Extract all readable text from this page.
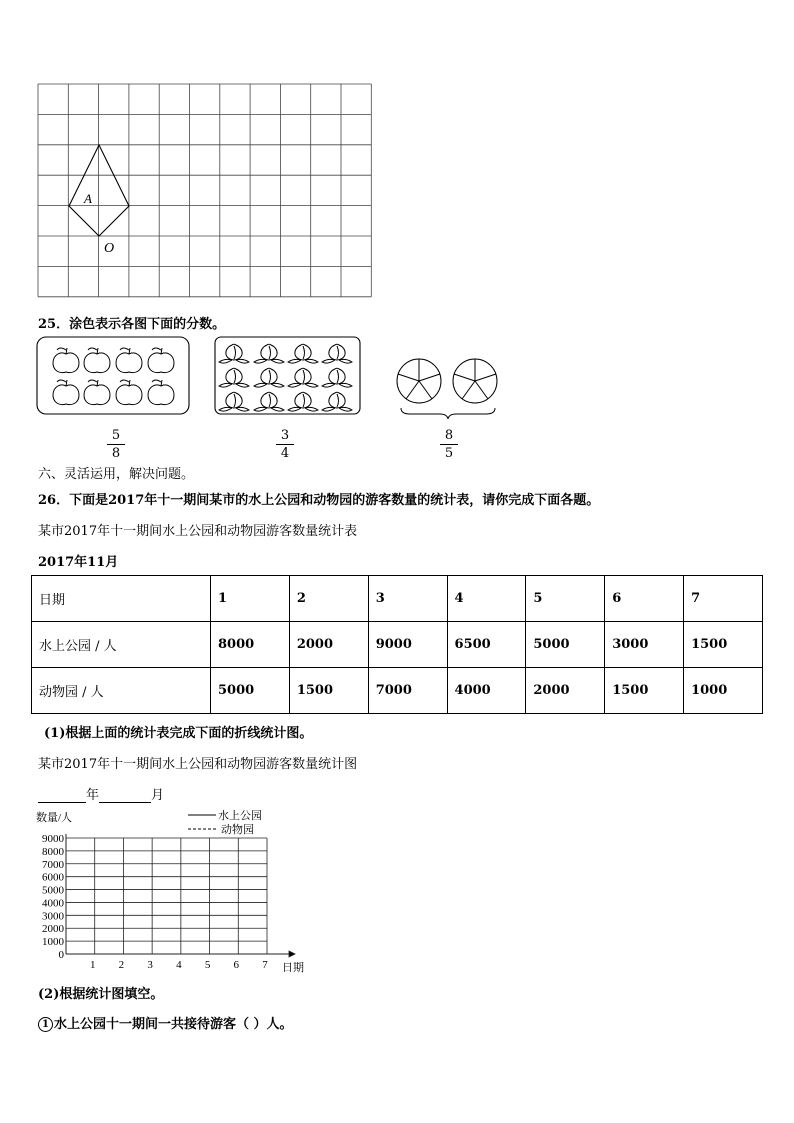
A
O
25．涂色表示各图下面的分数。
5
8
3
4
8
5
六、灵活运用，解决问题。
26．下面是2017年十一期间某市的水上公园和动物园的游客数量的统计表，请你完成下面各题。
某市2017年十一期间水上公园和动物园游客数量统计表
2017年11月
日期	1	2	3	4	5	6	7
水上公园 / 人	8000	2000	9000	6500	5000	3000	1500
动物园 / 人	5000	1500	7000	4000	2000	1500	1000
(1)根据上面的统计表完成下面的折线统计图。
某市2017年十一期间水上公园和动物园游客数量统计图
年	月
数量/人	水上公园
动物园
9000
8000
7000
6000
5000
4000
3000
2000
1000
0
1 2 3 4 5 6 7 日期
(2)根据统计图填空。
1 水上公园十一期间一共接待游客（ ）人。
